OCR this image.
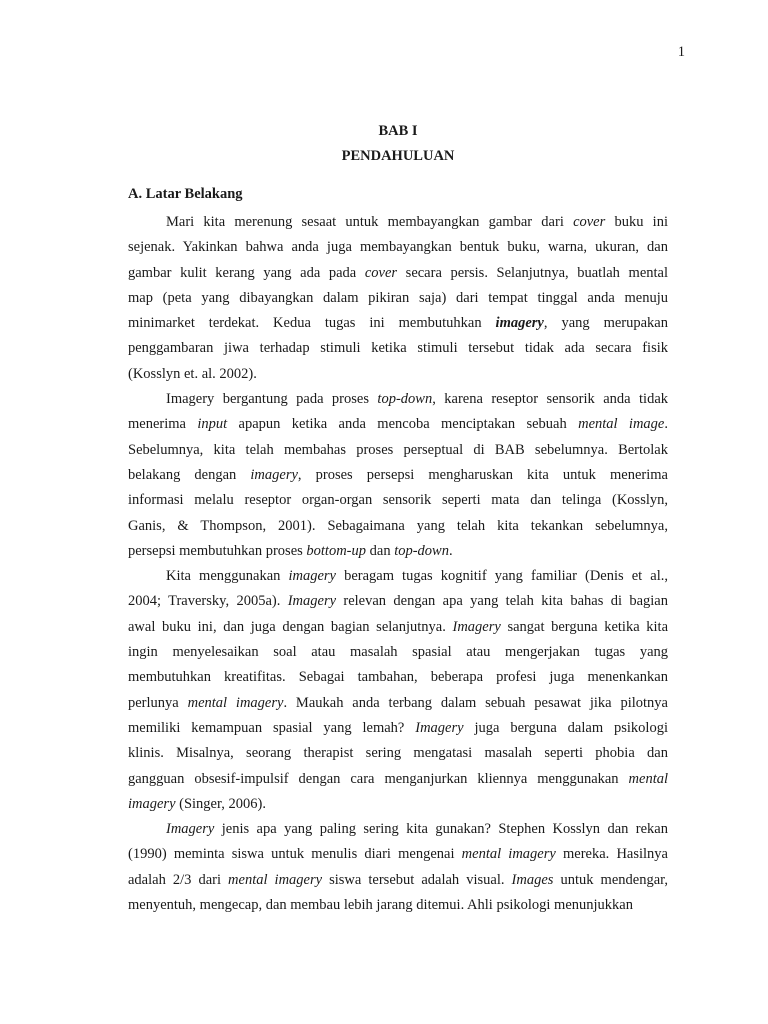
1
BAB I
PENDAHULUAN
A. Latar Belakang
Mari kita merenung sesaat untuk membayangkan gambar dari cover buku ini
sejenak. Yakinkan bahwa anda juga membayangkan bentuk buku, warna, ukuran, dan
gambar kulit kerang yang ada pada cover secara persis. Selanjutnya, buatlah mental
map (peta yang dibayangkan dalam pikiran saja) dari tempat tinggal anda menuju
minimarket terdekat. Kedua tugas ini membutuhkan imagery, yang merupakan
penggambaran jiwa terhadap stimuli ketika stimuli tersebut tidak ada secara fisik
(Kosslyn et. al. 2002).
Imagery bergantung pada proses top-down, karena reseptor sensorik anda tidak
menerima input apapun ketika anda mencoba menciptakan sebuah mental image.
Sebelumnya, kita telah membahas proses perseptual di BAB sebelumnya. Bertolak
belakang dengan imagery, proses persepsi mengharuskan kita untuk menerima
informasi melalu reseptor organ-organ sensorik seperti mata dan telinga (Kosslyn,
Ganis, & Thompson, 2001). Sebagaimana yang telah kita tekankan sebelumnya,
persepsi membutuhkan proses bottom-up dan top-down.
Kita menggunakan imagery beragam tugas kognitif yang familiar (Denis et al.,
2004; Traversky, 2005a). Imagery relevan dengan apa yang telah kita bahas di bagian
awal buku ini, dan juga dengan bagian selanjutnya. Imagery sangat berguna ketika kita
ingin menyelesaikan soal atau masalah spasial atau mengerjakan tugas yang
membutuhkan kreatifitas. Sebagai tambahan, beberapa profesi juga menenkankan
perlunya mental imagery. Maukah anda terbang dalam sebuah pesawat jika pilotnya
memiliki kemampuan spasial yang lemah? Imagery juga berguna dalam psikologi
klinis. Misalnya, seorang therapist sering mengatasi masalah seperti phobia dan
gangguan obsesif-impulsif dengan cara menganjurkan kliennya menggunakan mental
imagery (Singer, 2006).
Imagery jenis apa yang paling sering kita gunakan? Stephen Kosslyn dan rekan
(1990) meminta siswa untuk menulis diari mengenai mental imagery mereka. Hasilnya
adalah 2/3 dari mental imagery siswa tersebut adalah visual. Images untuk mendengar,
menyentuh, mengecap, dan membau lebih jarang ditemui. Ahli psikologi menunjukkan
